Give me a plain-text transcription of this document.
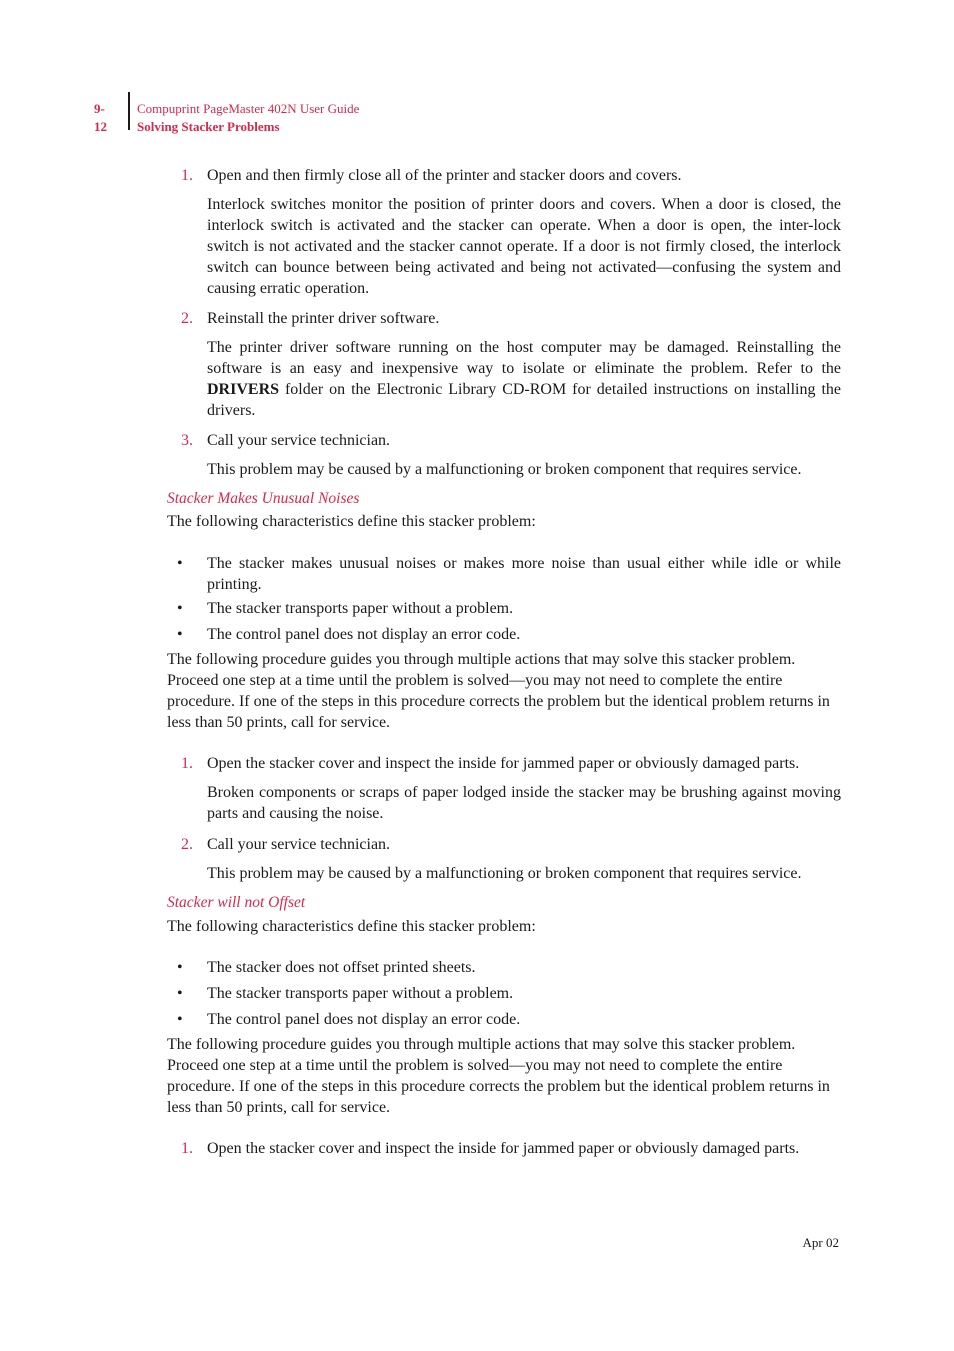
9-12
Compuprint PageMaster 402N User Guide
Solving Stacker Problems
1. Open and then firmly close all of the printer and stacker doors and covers.
Interlock switches monitor the position of printer doors and covers. When a door is closed, the interlock switch is activated and the stacker can operate. When a door is open, the inter-lock switch is not activated and the stacker cannot operate. If a door is not firmly closed, the interlock switch can bounce between being activated and being not activated—confusing the system and causing erratic operation.
2. Reinstall the printer driver software.
The printer driver software running on the host computer may be damaged. Reinstalling the software is an easy and inexpensive way to isolate or eliminate the problem. Refer to the DRIVERS folder on the Electronic Library CD-ROM for detailed instructions on installing the drivers.
3. Call your service technician.
This problem may be caused by a malfunctioning or broken component that requires service.
Stacker Makes Unusual Noises
The following characteristics define this stacker problem:
• The stacker makes unusual noises or makes more noise than usual either while idle or while printing.
• The stacker transports paper without a problem.
• The control panel does not display an error code.
The following procedure guides you through multiple actions that may solve this stacker problem. Proceed one step at a time until the problem is solved—you may not need to complete the entire procedure. If one of the steps in this procedure corrects the problem but the identical problem returns in less than 50 prints, call for service.
1. Open the stacker cover and inspect the inside for jammed paper or obviously damaged parts.
Broken components or scraps of paper lodged inside the stacker may be brushing against moving parts and causing the noise.
2. Call your service technician.
This problem may be caused by a malfunctioning or broken component that requires service.
Stacker will not Offset
The following characteristics define this stacker problem:
• The stacker does not offset printed sheets.
• The stacker transports paper without a problem.
• The control panel does not display an error code.
The following procedure guides you through multiple actions that may solve this stacker problem. Proceed one step at a time until the problem is solved—you may not need to complete the entire procedure. If one of the steps in this procedure corrects the problem but the identical problem returns in less than 50 prints, call for service.
1. Open the stacker cover and inspect the inside for jammed paper or obviously damaged parts.
Apr 02
